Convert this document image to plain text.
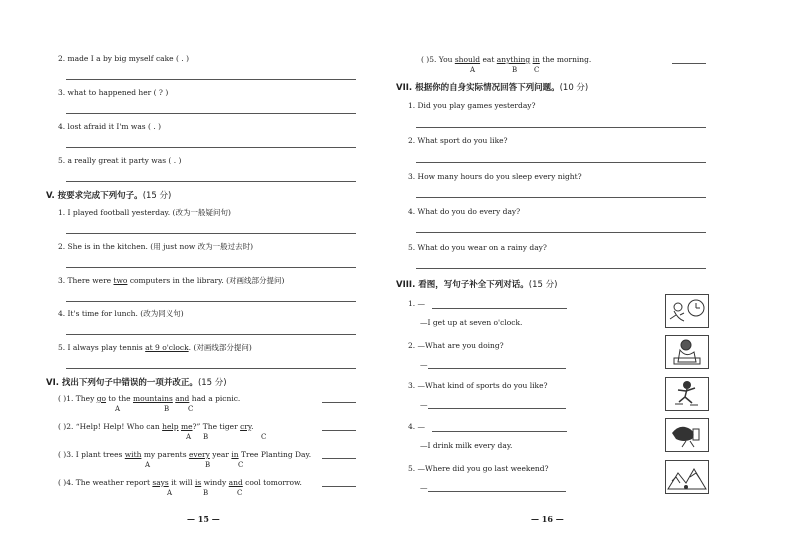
2. made I a by big myself cake ( . )
3. what to happened her ( ? )
4. lost afraid it I'm was ( . )
5. a really great it party was ( . )
V. 按要求完成下列句子。(15 分)
1. I played football yesterday. (改为一般疑问句)
2. She is in the kitchen. (用 just now 改为一般过去时)
3. There were two computers in the library. (对画线部分提问)
4. It's time for lunch. (改为同义句)
5. I always play tennis at 9 o'clock. (对画线部分提问)
VI. 找出下列句子中错误的一项并改正。(15 分)
( )1. They go to the mountains and had a picnic.
A	B	C
( )2. “Help! Help! Who can help me?” The tiger cry.
A B	C
( )3. I plant trees with my parents every year in Tree Planting Day.
A	B	C
( )4. The weather report says it will is windy and cool tomorrow.
A	B	C
— 15 —
( )5. You should eat anything in the morning.
A	B C
VII. 根据你的自身实际情况回答下列问题。(10 分)
1. Did you play games yesterday?
2. What sport do you like?
3. How many hours do you sleep every night?
4. What do you do every day?
5. What do you wear on a rainy day?
VIII. 看图，写句子补全下列对话。(15 分)
1. —
—I get up at seven o'clock.
2. —What are you doing?
—
3. —What kind of sports do you like?
—
4. —
—I drink milk every day.
5. —Where did you go last weekend?
—
— 16 —
